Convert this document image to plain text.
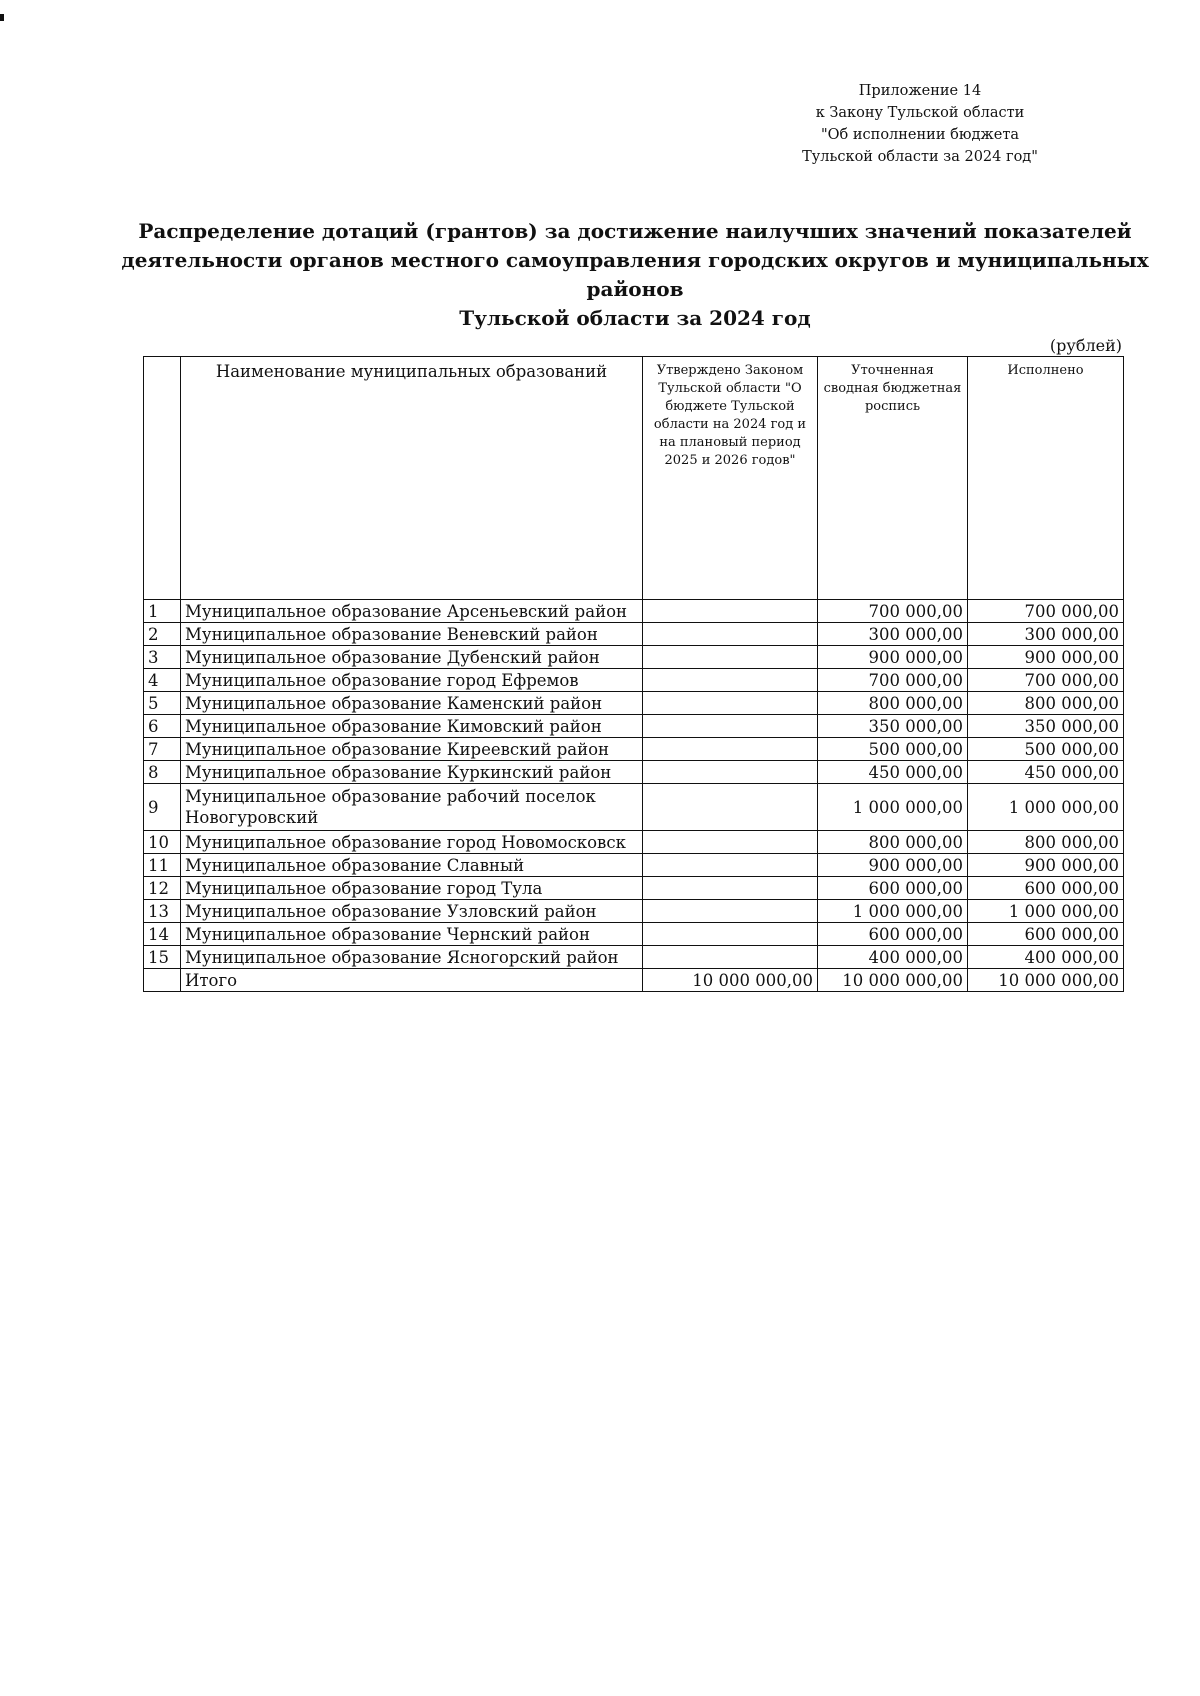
Приложение 14
к Закону Тульской области
"Об исполнении бюджета
Тульской области за 2024 год"
Распределение дотаций (грантов) за достижение наилучших значений показателей
деятельности органов местного самоуправления городских округов и муниципальных районов
Тульской области за 2024 год
(рублей)
	Наименование муниципальных образований	Утверждено Законом Тульской области "О бюджете Тульской области на 2024 год и на плановый период 2025 и 2026 годов"	Уточненная сводная бюджетная роспись	Исполнено
1	Муниципальное образование Арсеньевский район		700 000,00	700 000,00
2	Муниципальное образование Веневский район		300 000,00	300 000,00
3	Муниципальное образование Дубенский район		900 000,00	900 000,00
4	Муниципальное образование город Ефремов		700 000,00	700 000,00
5	Муниципальное образование Каменский район		800 000,00	800 000,00
6	Муниципальное образование Кимовский район		350 000,00	350 000,00
7	Муниципальное образование Киреевский район		500 000,00	500 000,00
8	Муниципальное образование Куркинский район		450 000,00	450 000,00
9	Муниципальное образование рабочий поселок Новогуровский		1 000 000,00	1 000 000,00
10	Муниципальное образование город Новомосковск		800 000,00	800 000,00
11	Муниципальное образование Славный		900 000,00	900 000,00
12	Муниципальное образование город Тула		600 000,00	600 000,00
13	Муниципальное образование Узловский район		1 000 000,00	1 000 000,00
14	Муниципальное образование Чернский район		600 000,00	600 000,00
15	Муниципальное образование Ясногорский район		400 000,00	400 000,00
	Итого	10 000 000,00	10 000 000,00	10 000 000,00
